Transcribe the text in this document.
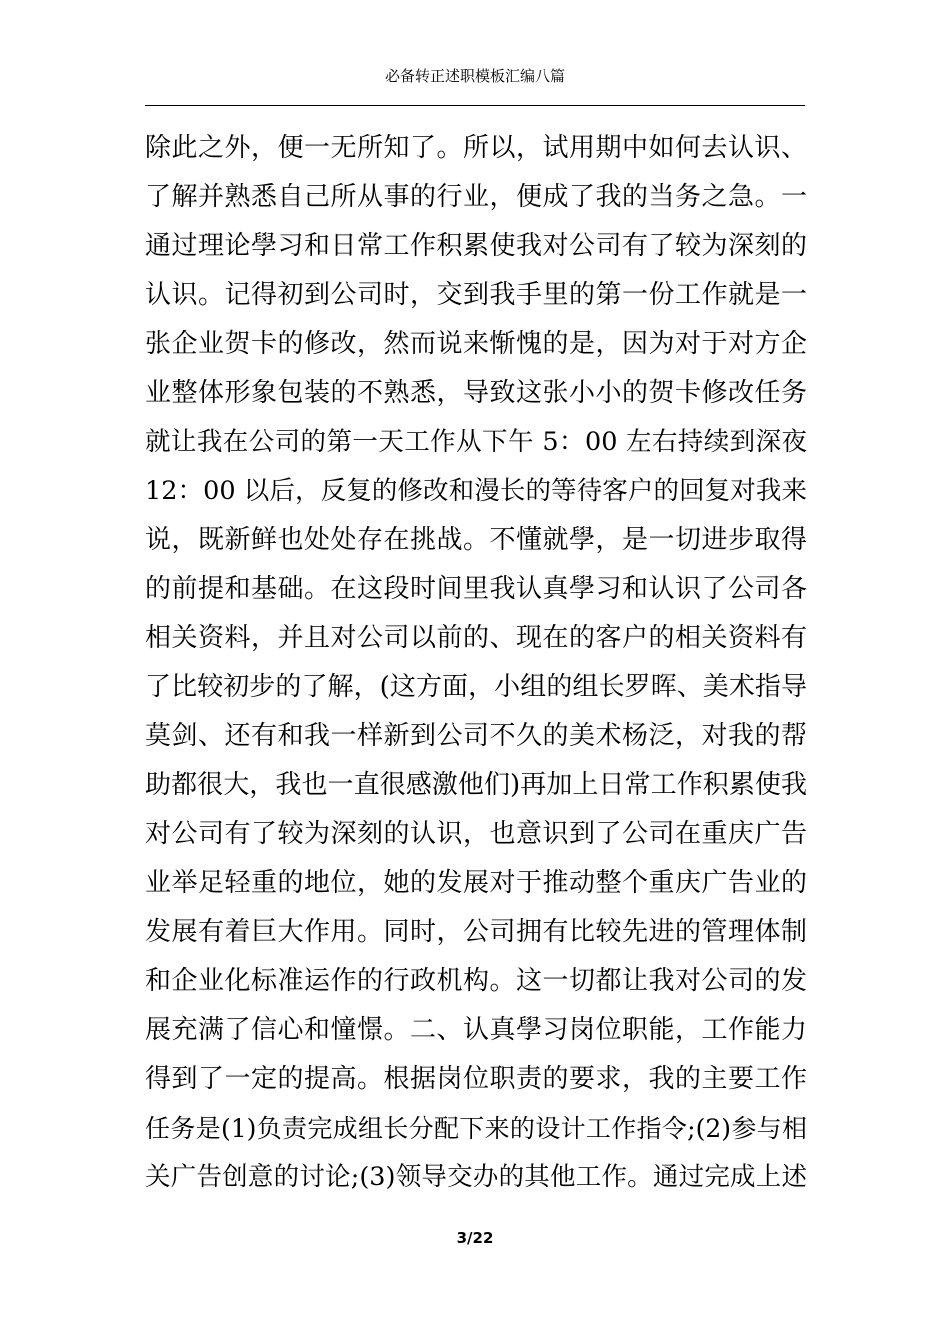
必备转正述职模板汇编八篇
除此之外，便一无所知了。所以，试用期中如何去认识、
了解并熟悉自己所从事的行业，便成了我的当务之急。一
通过理论學习和日常工作积累使我对公司有了较为深刻的
认识。记得初到公司时，交到我手里的第一份工作就是一
张企业贺卡的修改，然而说来惭愧的是，因为对于对方企
业整体形象包装的不熟悉，导致这张小小的贺卡修改任务
就让我在公司的第一天工作从下午 5：00 左右持续到深夜
12：00 以后，反复的修改和漫长的等待客户的回复对我来
说，既新鲜也处处存在挑战。不懂就學，是一切进步取得
的前提和基础。在这段时间里我认真學习和认识了公司各
相关资料，并且对公司以前的、现在的客户的相关资料有
了比较初步的了解，(这方面，小组的组长罗晖、美术指导
莫剑、还有和我一样新到公司不久的美术杨泛，对我的帮
助都很大，我也一直很感激他们)再加上日常工作积累使我
对公司有了较为深刻的认识，也意识到了公司在重庆广告
业举足轻重的地位，她的发展对于推动整个重庆广告业的
发展有着巨大作用。同时，公司拥有比较先进的管理体制
和企业化标准运作的行政机构。这一切都让我对公司的发
展充满了信心和憧憬。二、认真學习岗位职能，工作能力
得到了一定的提高。根据岗位职责的要求，我的主要工作
任务是(1)负责完成组长分配下来的设计工作指令;(2)参与相
关广告创意的讨论;(3)领导交办的其他工作。通过完成上述
3/22
